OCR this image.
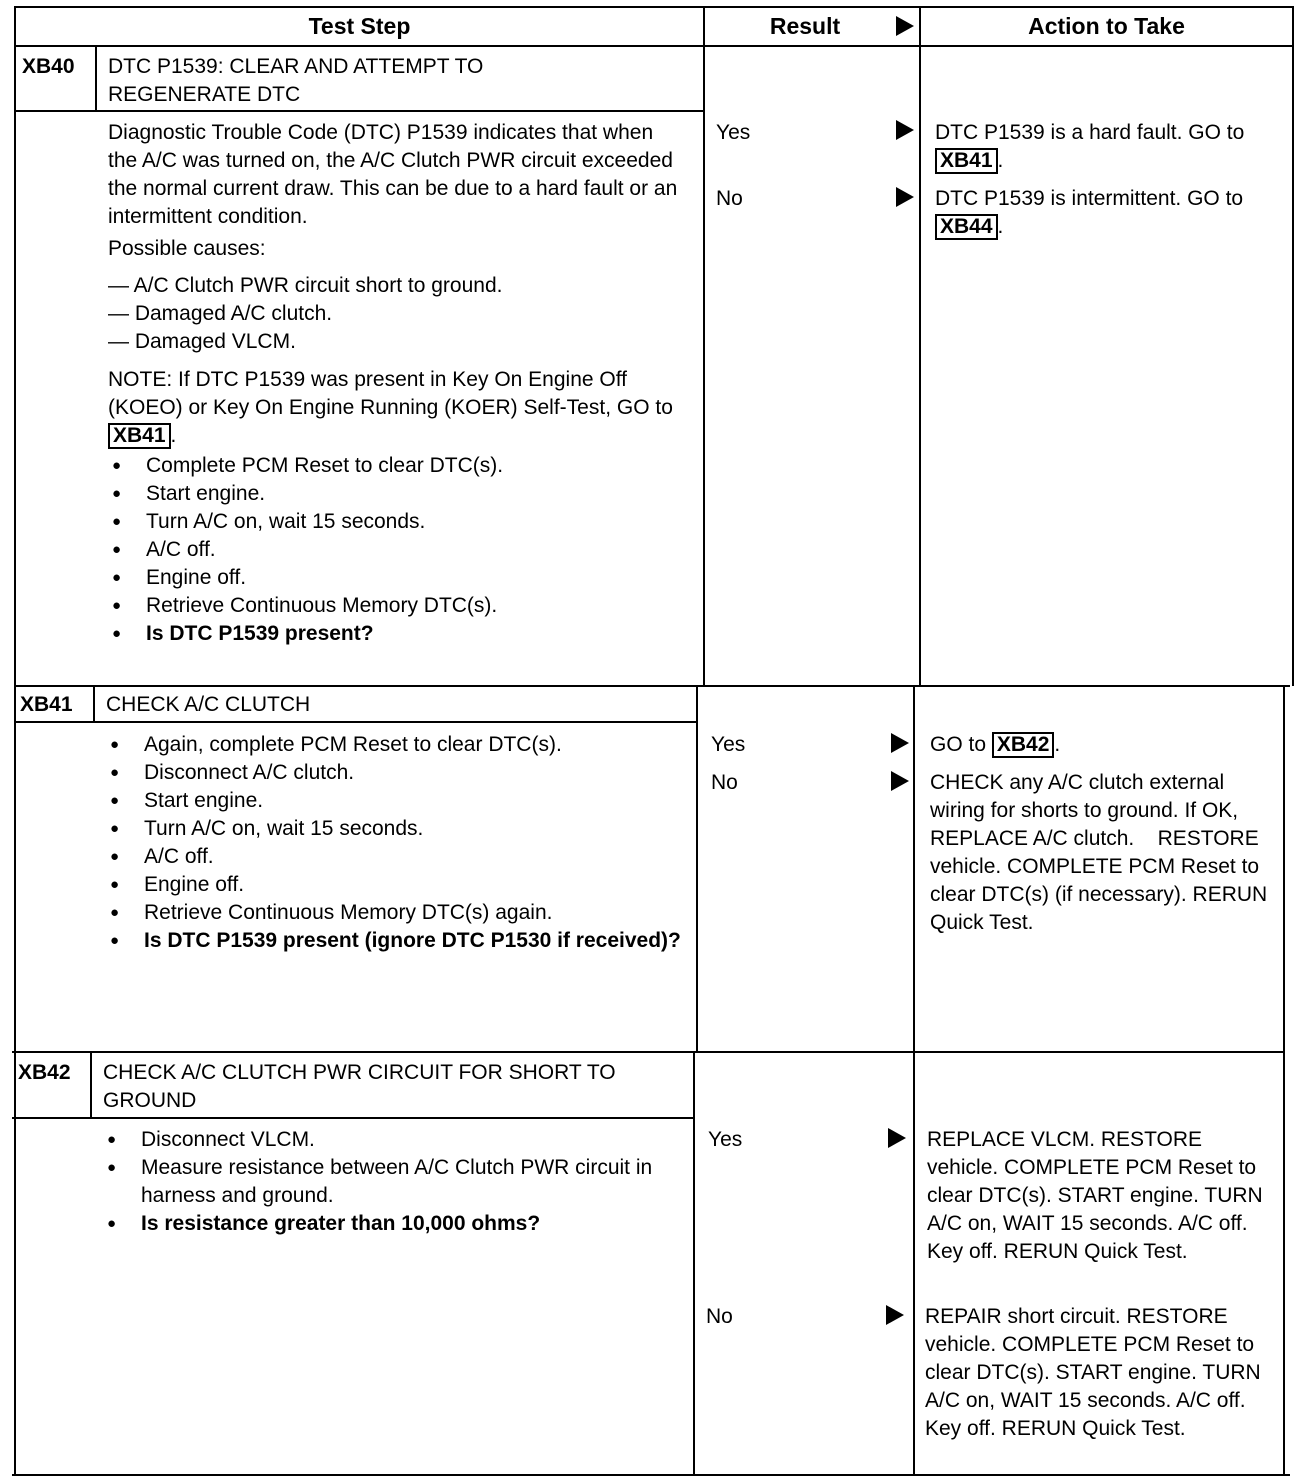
Test Step	Result	Action to Take
XB40 DTC P1539: CLEAR AND ATTEMPT TO REGENERATE DTC

Diagnostic Trouble Code (DTC) P1539 indicates that when the A/C was turned on, the A/C Clutch PWR circuit exceeded the normal current draw. This can be due to a hard fault or an intermittent condition.

Possible causes:

— A/C Clutch PWR circuit short to ground.

— Damaged A/C clutch.

— Damaged VLCM.

NOTE: If DTC P1539 was present in Key On Engine Off (KOEO) or Key On Engine Running (KOER) Self-Test, GO to XB41 .

● Complete PCM Reset to clear DTC(s).
● Start engine.
● Turn A/C on, wait 15 seconds.
● A/C off.
● Engine off.
● Retrieve Continuous Memory DTC(s).
● Is DTC P1539 present?
Yes	DTC P1539 is a hard fault. GO to XB41 .
No	DTC P1539 is intermittent. GO to XB44 .
XB41 CHECK A/C CLUTCH
● Again, complete PCM Reset to clear DTC(s).
● Disconnect A/C clutch.
● Start engine.
● Turn A/C on, wait 15 seconds.
● A/C off.
● Engine off.
● Retrieve Continuous Memory DTC(s) again.
● Is DTC P1539 present (ignore DTC P1530 if received)?
Yes	GO to XB42 .
No	CHECK any A/C clutch external wiring for shorts to ground. If OK, REPLACE A/C clutch.    RESTORE vehicle. COMPLETE PCM Reset to clear DTC(s) (if necessary). RERUN Quick Test.
XB42 CHECK A/C CLUTCH PWR CIRCUIT FOR SHORT TO GROUND
● Disconnect VLCM.
● Measure resistance between A/C Clutch PWR circuit in harness and ground.
● Is resistance greater than 10,000 ohms?
Yes	REPLACE VLCM. RESTORE vehicle. COMPLETE PCM Reset to clear DTC(s). START engine. TURN A/C on, WAIT 15 seconds. A/C off. Key off. RERUN Quick Test.
No	REPAIR short circuit. RESTORE vehicle. COMPLETE PCM Reset to clear DTC(s). START engine. TURN A/C on, WAIT 15 seconds. A/C off. Key off. RERUN Quick Test.
